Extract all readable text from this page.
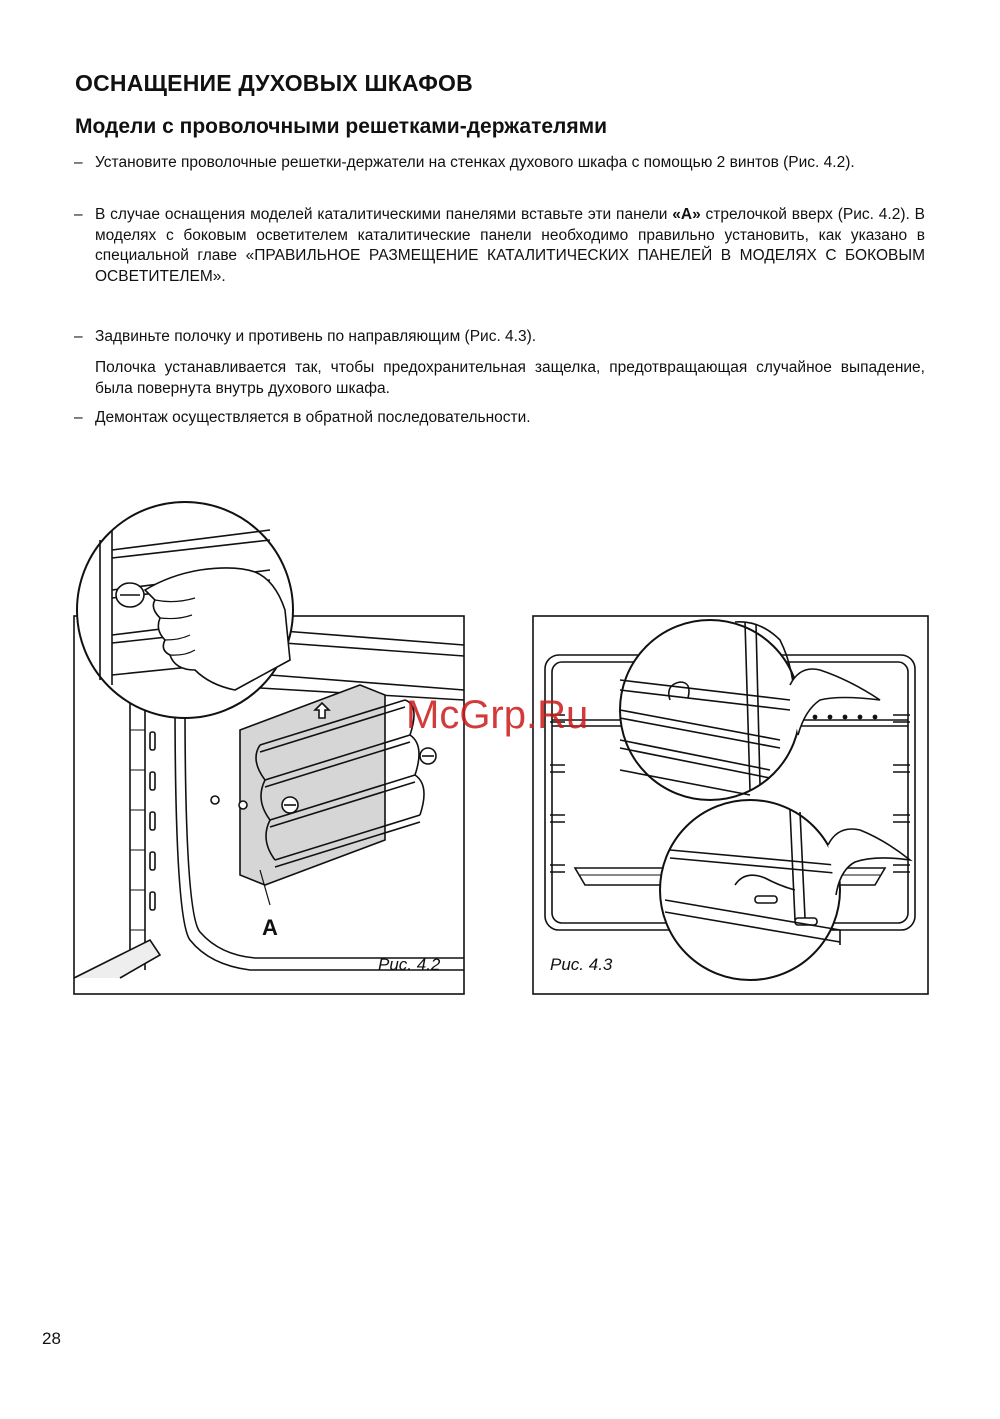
ОСНАЩЕНИЕ ДУХОВЫХ ШКАФОВ
Модели с проволочными решетками-держателями

– Установите проволочные решетки-держатели на стенках духового шкафа с помощью 2 винтов (Рис. 4.2).

– В случае оснащения моделей каталитическими панелями вставьте эти панели «А» стрелочкой вверх (Рис. 4.2). В моделях с боковым осветителем каталитические панели необходимо правильно установить, как указано в специальной главе «ПРАВИЛЬНОЕ РАЗМЕЩЕНИЕ КАТАЛИТИЧЕСКИХ ПАНЕЛЕЙ В МОДЕЛЯХ С БОКОВЫМ ОСВЕТИТЕЛЕМ».

– Задвиньте полочку и противень по направляющим (Рис. 4.3).

Полочка устанавливается так, чтобы предохранительная защелка, предотвращающая случайное выпадение, была повернута внутрь духового шкафа.

– Демонтаж осуществляется в обратной последовательности.

A
Рис. 4.2	Рис. 4.3
McGrp.Ru
28
